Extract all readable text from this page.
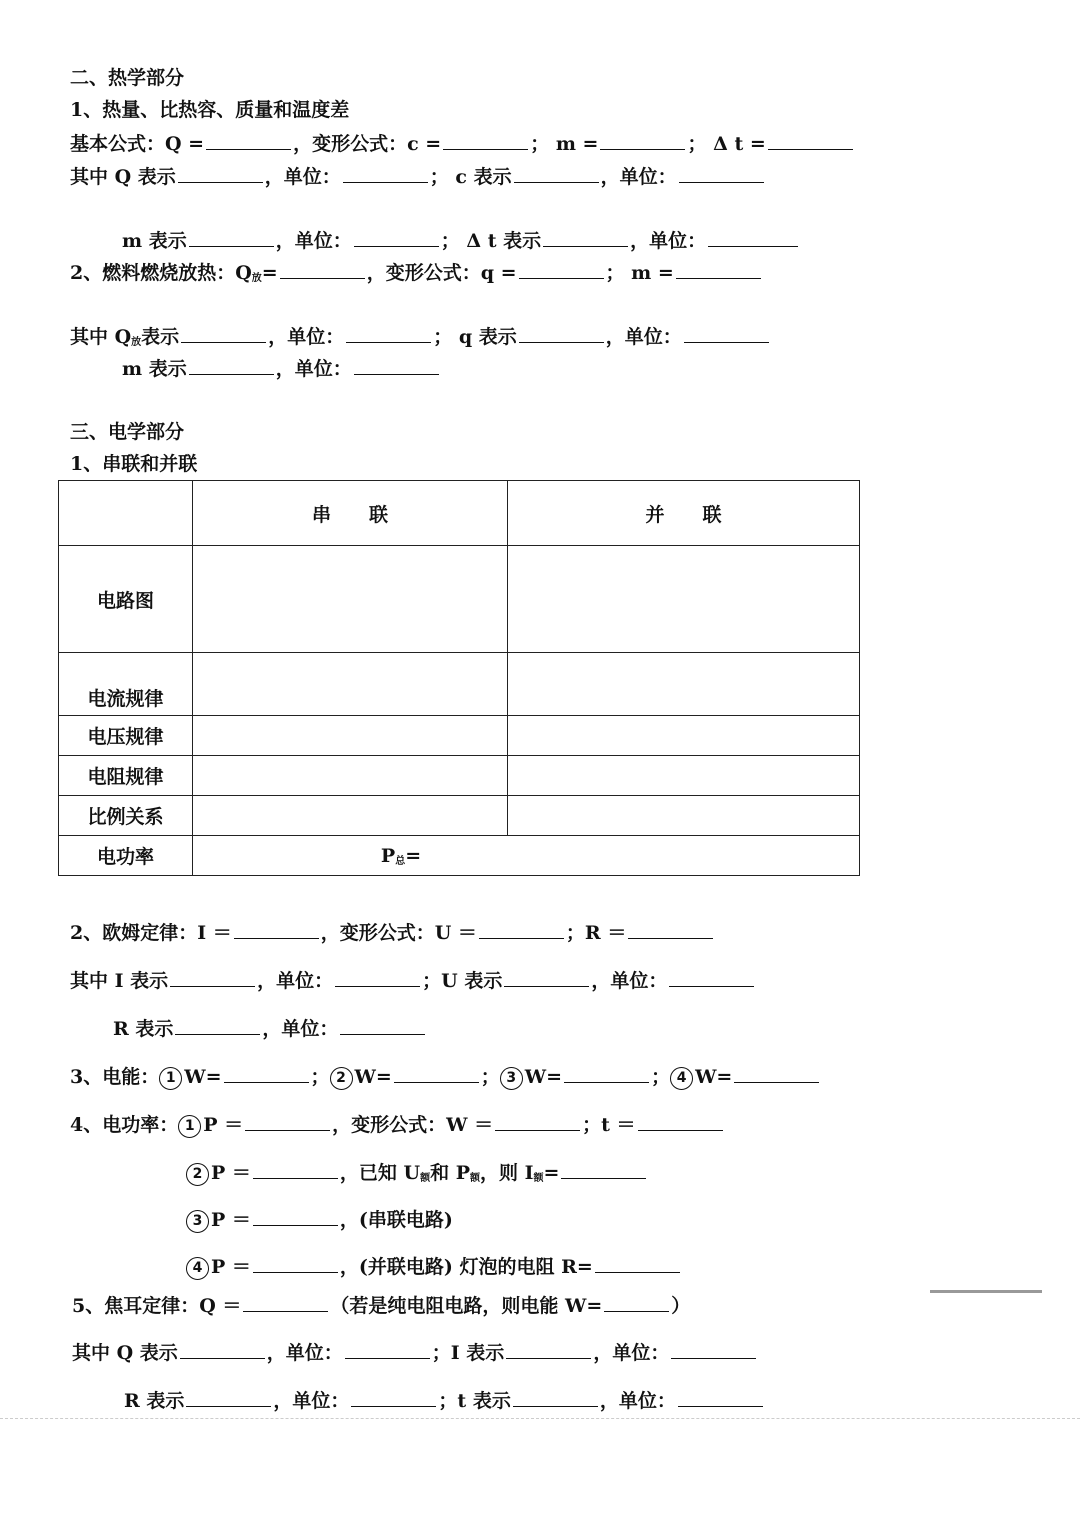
二、热学部分
1、热量、比热容、质量和温度差
基本公式：Q =	，变形公式：c =	； m =	； Δ t =
其中 Q 表示	，单位：	； c 表示	，单位：
m 表示	，单位：	； Δ t 表示	，单位：
2、燃料燃烧放热：$Q_放=$	，变形公式：q =	； m =
其中 $Q_放$表示	，单位：	； q 表示	，单位：
m 表示	，单位：
三、电学部分
1、串联和并联
	串　　联	并　　联
电路图		
电流规律		
电压规律		
电阻规律		
比例关系		
电功率	$P_总=$	
2、欧姆定律：I ＝	，变形公式：U ＝	；R ＝
其中 I 表示	，单位：	；U 表示	，单位：
R 表示	，单位：
3、电能： 1 W=	； 2 W=	； 3 W=	； 4 W=
4、电功率： 1 P ＝	，变形公式：W ＝	；t ＝
2 P ＝	，已知 $U_额$和 $P_额$，则 $I_额=$
3 P ＝	，(串联电路)
4 P ＝	，(并联电路) 灯泡的电阻 R=
5、焦耳定律：Q ＝	（若是纯电阻电路，则电能 W=	）
其中 Q 表示	，单位：	；I 表示	，单位：
R 表示	，单位：	；t 表示	，单位：
